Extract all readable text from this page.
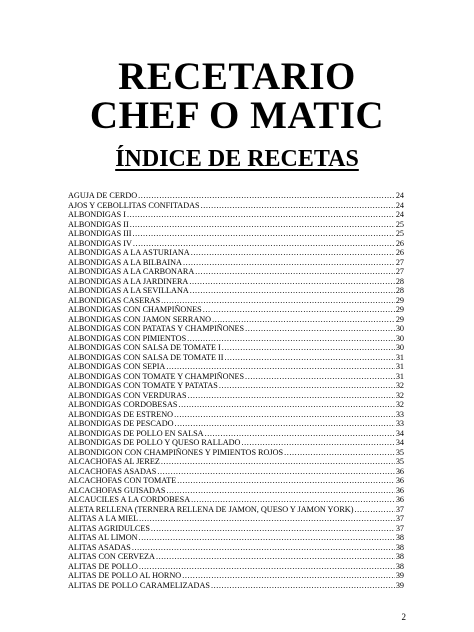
RECETARIO
CHEF O MATIC
ÍNDICE DE RECETAS
AGUJA DE CERDO .....	24
AJOS Y CEBOLLITAS CONFITADAS .....	24
ALBONDIGAS I .....	24
ALBONDIGAS II .....	25
ALBONDIGAS III .....	25
ALBONDIGAS IV .....	26
ALBONDIGAS A LA ASTURIANA .....	26
ALBONDIGAS A LA BILBAINA .....	27
ALBONDIGAS A LA CARBONARA .....	27
ALBONDIGAS A LA JARDINERA .....	28
ALBONDIGAS A LA SEVILLANA .....	28
ALBONDIGAS CASERAS .....	29
ALBONDIGAS CON CHAMPIÑONES .....	29
ALBONDIGAS CON JAMON SERRANO .....	29
ALBONDIGAS CON PATATAS Y CHAMPIÑONES .....	30
ALBONDIGAS CON PIMIENTOS .....	30
ALBONDIGAS CON SALSA DE TOMATE I .....	30
ALBONDIGAS CON SALSA DE TOMATE II .....	31
ALBONDIGAS CON SEPIA .....	31
ALBONDIGAS CON TOMATE Y CHAMPIÑONES .....	31
ALBONDIGAS CON TOMATE Y PATATAS .....	32
ALBONDIGAS CON VERDURAS .....	32
ALBONDIGAS CORDOBESAS .....	32
ALBONDIGAS DE ESTRENO .....	33
ALBONDIGAS DE PESCADO .....	33
ALBONDIGAS DE POLLO EN SALSA .....	34
ALBONDIGAS DE POLLO Y QUESO RALLADO .....	34
ALBONDIGON CON CHAMPIÑONES Y PIMIENTOS ROJOS .....	35
ALCACHOFAS AL JEREZ .....	35
ALCACHOFAS ASADAS .....	36
ALCACHOFAS CON TOMATE .....	36
ALCACHOFAS GUISADAS .....	36
ALCAUCILES A LA CORDOBESA .....	36
ALETA RELLENA (TERNERA RELLENA DE JAMON, QUESO Y JAMON YORK) .....	37
ALITAS A LA MIEL .....	37
ALITAS AGRIDULCES .....	37
ALITAS AL LIMON .....	38
ALITAS ASADAS .....	38
ALITAS CON CERVEZA .....	38
ALITAS DE POLLO .....	38
ALITAS DE POLLO AL HORNO .....	39
ALITAS DE POLLO CARAMELIZADAS .....	39
2
